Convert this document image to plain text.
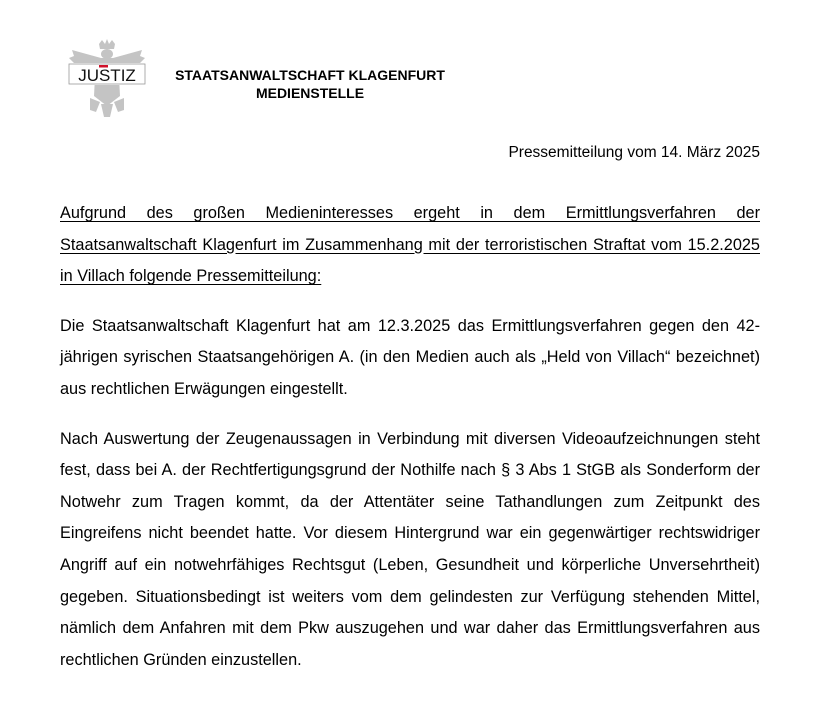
JUSTIZ	STAATSANWALTSCHAFT KLAGENFURT
MEDIENSTELLE
Pressemitteilung vom 14. März 2025

Aufgrund des großen Medieninteresses ergeht in dem Ermittlungsverfahren der Staatsanwaltschaft Klagenfurt im Zusammenhang mit der terroristischen Straftat vom 15.2.2025 in Villach folgende Pressemitteilung:

Die Staatsanwaltschaft Klagenfurt hat am 12.3.2025 das Ermittlungsverfahren gegen den 42-jährigen syrischen Staatsangehörigen A. (in den Medien auch als „Held von Villach“ bezeichnet) aus rechtlichen Erwägungen eingestellt.

Nach Auswertung der Zeugenaussagen in Verbindung mit diversen Videoaufzeichnungen steht fest, dass bei A. der Rechtfertigungsgrund der Nothilfe nach § 3 Abs 1 StGB als Sonderform der Notwehr zum Tragen kommt, da der Attentäter seine Tathandlungen zum Zeitpunkt des Eingreifens nicht beendet hatte. Vor diesem Hintergrund war ein gegenwärtiger rechtswidriger Angriff auf ein notwehrfähiges Rechtsgut (Leben, Gesundheit und körperliche Unversehrtheit) gegeben. Situationsbedingt ist weiters vom dem gelindesten zur Verfügung stehenden Mittel, nämlich dem Anfahren mit dem Pkw auszugehen und war daher das Ermittlungsverfahren aus rechtlichen Gründen einzustellen.
